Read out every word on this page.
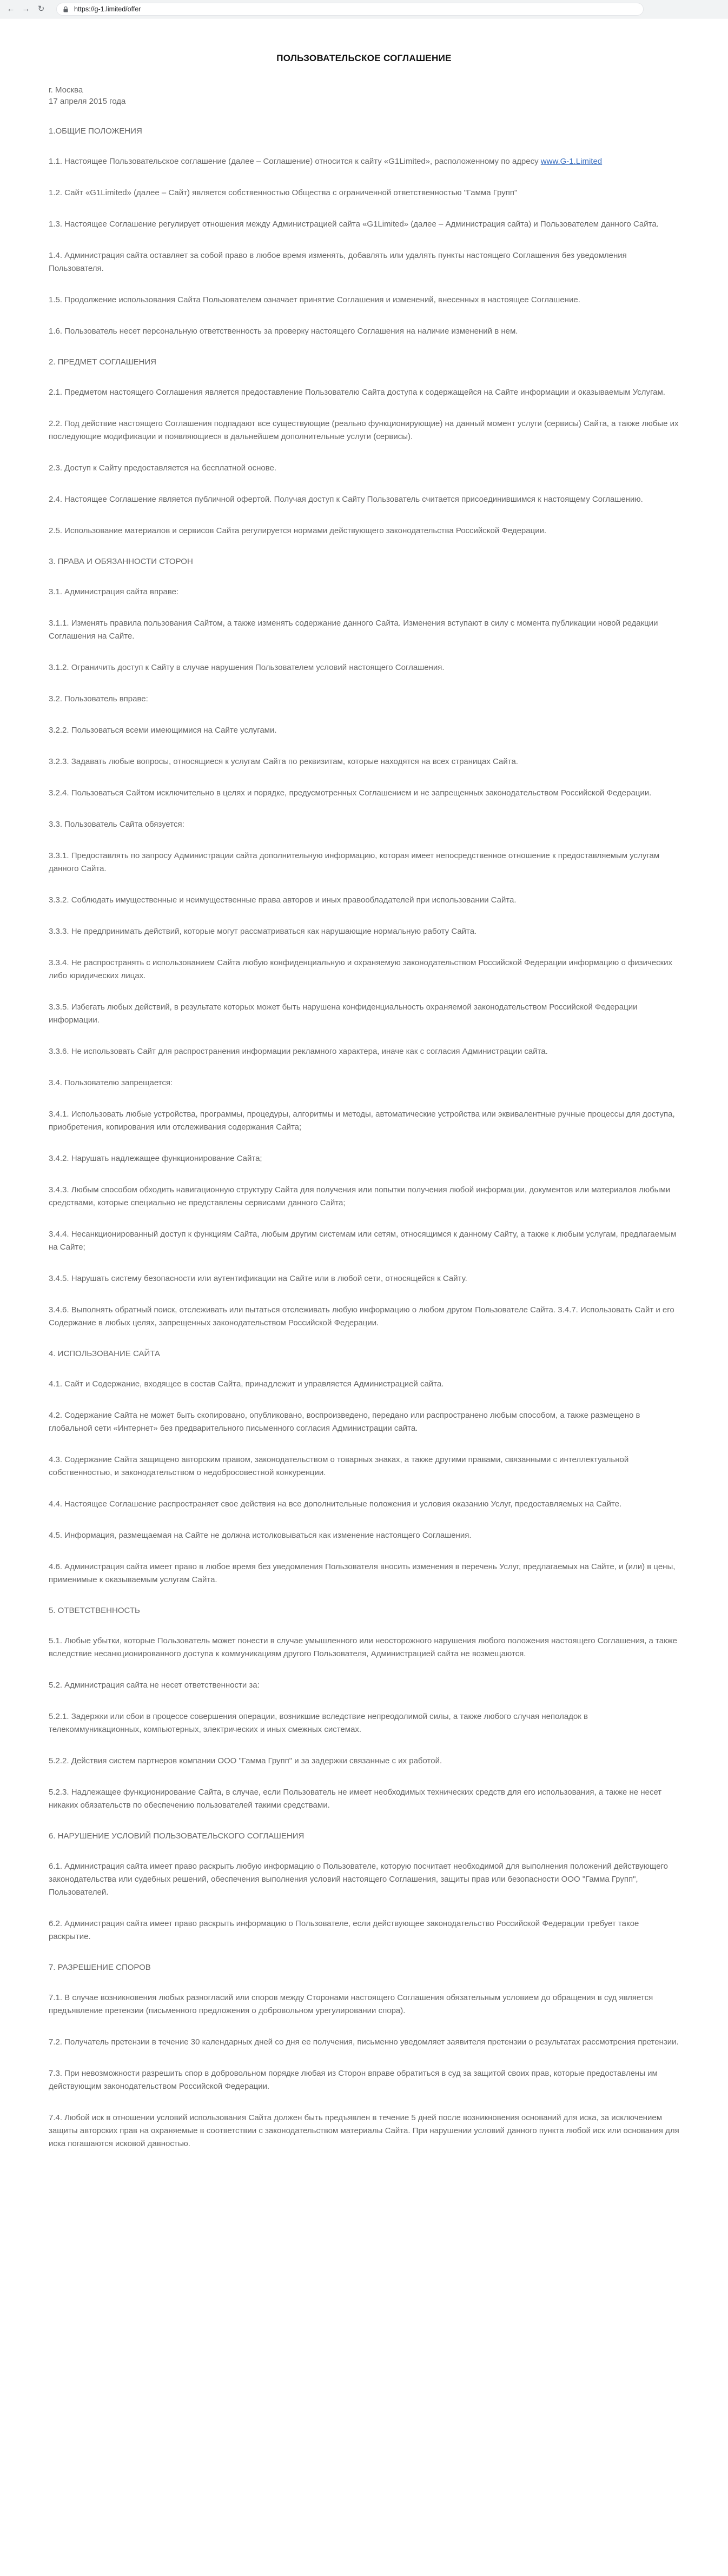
← → ↻	https://g-1.limited/offer
ПОЛЬЗОВАТЕЛЬСКОЕ СОГЛАШЕНИЕ
г. Москва
17 апреля 2015 года
1.ОБЩИЕ ПОЛОЖЕНИЯ
1.1. Настоящее Пользовательское соглашение (далее – Соглашение) относится к сайту «G1Limited», расположенному по адресу www.G-1.Limited
1.2. Сайт «G1Limited» (далее – Сайт) является собственностью Общества с ограниченной ответственностью "Гамма Групп"
1.3. Настоящее Соглашение регулирует отношения между Администрацией сайта «G1Limited» (далее – Администрация сайта) и Пользователем данного Сайта.
1.4. Администрация сайта оставляет за собой право в любое время изменять, добавлять или удалять пункты настоящего Соглашения без уведомления Пользователя.
1.5. Продолжение использования Сайта Пользователем означает принятие Соглашения и изменений, внесенных в настоящее Соглашение.
1.6. Пользователь несет персональную ответственность за проверку настоящего Соглашения на наличие изменений в нем.
2. ПРЕДМЕТ СОГЛАШЕНИЯ
2.1. Предметом настоящего Соглашения является предоставление Пользователю Сайта доступа к содержащейся на Сайте информации и оказываемым Услугам.
2.2. Под действие настоящего Соглашения подпадают все существующие (реально функционирующие) на данный момент услуги (сервисы) Сайта, а также любые их последующие модификации и появляющиеся в дальнейшем дополнительные услуги (сервисы).
2.3. Доступ к Сайту предоставляется на бесплатной основе.
2.4. Настоящее Соглашение является публичной офертой. Получая доступ к Сайту Пользователь считается присоединившимся к настоящему Соглашению.
2.5. Использование материалов и сервисов Сайта регулируется нормами действующего законодательства Российской Федерации.
3. ПРАВА И ОБЯЗАННОСТИ СТОРОН
3.1. Администрация сайта вправе:
3.1.1. Изменять правила пользования Сайтом, а также изменять содержание данного Сайта. Изменения вступают в силу с момента публикации новой редакции Соглашения на Сайте.
3.1.2. Ограничить доступ к Сайту в случае нарушения Пользователем условий настоящего Соглашения.
3.2. Пользователь вправе:
3.2.2. Пользоваться всеми имеющимися на Сайте услугами.
3.2.3. Задавать любые вопросы, относящиеся к услугам Сайта по реквизитам, которые находятся на всех страницах Сайта.
3.2.4. Пользоваться Сайтом исключительно в целях и порядке, предусмотренных Соглашением и не запрещенных законодательством Российской Федерации.
3.3. Пользователь Сайта обязуется:
3.3.1. Предоставлять по запросу Администрации сайта дополнительную информацию, которая имеет непосредственное отношение к предоставляемым услугам данного Сайта.
3.3.2. Соблюдать имущественные и неимущественные права авторов и иных правообладателей при использовании Сайта.
3.3.3. Не предпринимать действий, которые могут рассматриваться как нарушающие нормальную работу Сайта.
3.3.4. Не распространять с использованием Сайта любую конфиденциальную и охраняемую законодательством Российской Федерации информацию о физических либо юридических лицах.
3.3.5. Избегать любых действий, в результате которых может быть нарушена конфиденциальность охраняемой законодательством Российской Федерации информации.
3.3.6. Не использовать Сайт для распространения информации рекламного характера, иначе как с согласия Администрации сайта.
3.4. Пользователю запрещается:
3.4.1. Использовать любые устройства, программы, процедуры, алгоритмы и методы, автоматические устройства или эквивалентные ручные процессы для доступа, приобретения, копирования или отслеживания содержания Сайта;
3.4.2. Нарушать надлежащее функционирование Сайта;
3.4.3. Любым способом обходить навигационную структуру Сайта для получения или попытки получения любой информации, документов или материалов любыми средствами, которые специально не представлены сервисами данного Сайта;
3.4.4. Несанкционированный доступ к функциям Сайта, любым другим системам или сетям, относящимся к данному Сайту, а также к любым услугам, предлагаемым на Сайте;
3.4.5. Нарушать систему безопасности или аутентификации на Сайте или в любой сети, относящейся к Сайту.
3.4.6. Выполнять обратный поиск, отслеживать или пытаться отслеживать любую информацию о любом другом Пользователе Сайта. 3.4.7. Использовать Сайт и его Содержание в любых целях, запрещенных законодательством Российской Федерации.
4. ИСПОЛЬЗОВАНИЕ САЙТА
4.1. Сайт и Содержание, входящее в состав Сайта, принадлежит и управляется Администрацией сайта.
4.2. Содержание Сайта не может быть скопировано, опубликовано, воспроизведено, передано или распространено любым способом, а также размещено в глобальной сети «Интернет» без предварительного письменного согласия Администрации сайта.
4.3. Содержание Сайта защищено авторским правом, законодательством о товарных знаках, а также другими правами, связанными с интеллектуальной собственностью, и законодательством о недобросовестной конкуренции.
4.4. Настоящее Соглашение распространяет свое действия на все дополнительные положения и условия оказанию Услуг, предоставляемых на Сайте.
4.5. Информация, размещаемая на Сайте не должна истолковываться как изменение настоящего Соглашения.
4.6. Администрация сайта имеет право в любое время без уведомления Пользователя вносить изменения в перечень Услуг, предлагаемых на Сайте, и (или) в цены, применимые к оказываемым услугам Сайта.
5. ОТВЕТСТВЕННОСТЬ
5.1. Любые убытки, которые Пользователь может понести в случае умышленного или неосторожного нарушения любого положения настоящего Соглашения, а также вследствие несанкционированного доступа к коммуникациям другого Пользователя, Администрацией сайта не возмещаются.
5.2. Администрация сайта не несет ответственности за:
5.2.1. Задержки или сбои в процессе совершения операции, возникшие вследствие непреодолимой силы, а также любого случая неполадок в телекоммуникационных, компьютерных, электрических и иных смежных системах.
5.2.2. Действия систем партнеров компании ООО "Гамма Групп" и за задержки связанные с их работой.
5.2.3. Надлежащее функционирование Сайта, в случае, если Пользователь не имеет необходимых технических средств для его использования, а также не несет никаких обязательств по обеспечению пользователей такими средствами.
6. НАРУШЕНИЕ УСЛОВИЙ ПОЛЬЗОВАТЕЛЬСКОГО СОГЛАШЕНИЯ
6.1. Администрация сайта имеет право раскрыть любую информацию о Пользователе, которую посчитает необходимой для выполнения положений действующего законодательства или судебных решений, обеспечения выполнения условий настоящего Соглашения, защиты прав или безопасности ООО "Гамма Групп", Пользователей.
6.2. Администрация сайта имеет право раскрыть информацию о Пользователе, если действующее законодательство Российской Федерации требует такое раскрытие.
7. РАЗРЕШЕНИЕ СПОРОВ
7.1. В случае возникновения любых разногласий или споров между Сторонами настоящего Соглашения обязательным условием до обращения в суд является предъявление претензии (письменного предложения о добровольном урегулировании спора).
7.2. Получатель претензии в течение 30 календарных дней со дня ее получения, письменно уведомляет заявителя претензии о результатах рассмотрения претензии.
7.3. При невозможности разрешить спор в добровольном порядке любая из Сторон вправе обратиться в суд за защитой своих прав, которые предоставлены им действующим законодательством Российской Федерации.
7.4. Любой иск в отношении условий использования Сайта должен быть предъявлен в течение 5 дней после возникновения оснований для иска, за исключением защиты авторских прав на охраняемые в соответствии с законодательством материалы Сайта. При нарушении условий данного пункта любой иск или основания для иска погашаются исковой давностью.
